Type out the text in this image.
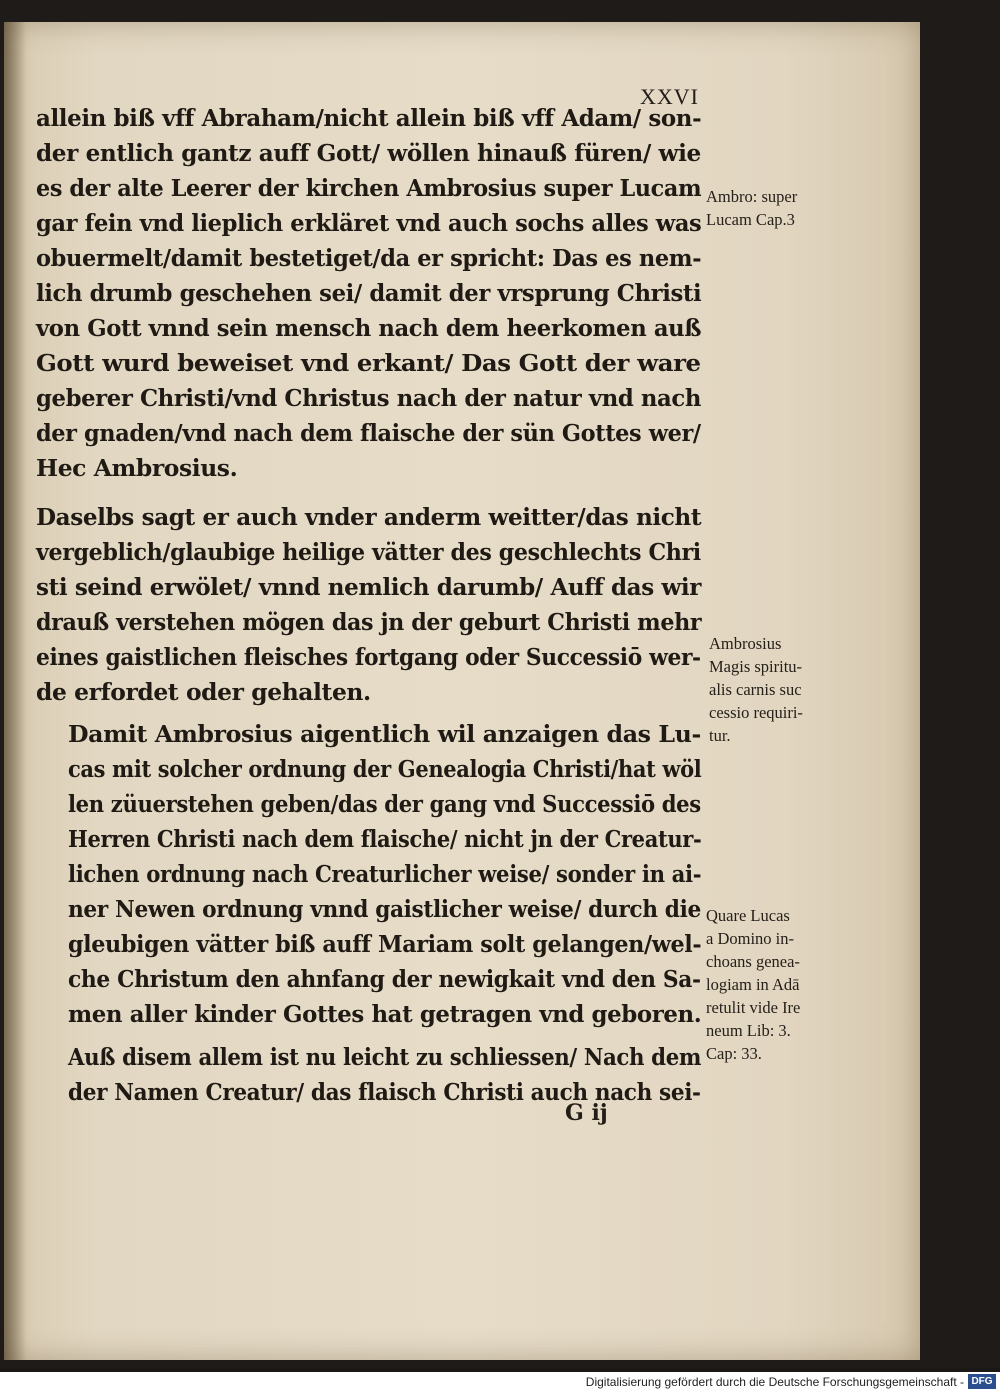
XXVI
allein biß vff Abraham/nicht allein biß vff Adam/ son-
der entlich gantz auff Gott/ wöllen hinauß füren/ wie
es der alte Leerer der kirchen Ambrosius super Lucam
gar fein vnd lieplich erkläret vnd auch sochs alles was
obuermelt/damit bestetiget/da er spricht: Das es nem-
lich drumb geschehen sei/ damit der vrsprung Christi
von Gott vnnd sein mensch nach dem heerkomen auß
Gott wurd beweiset vnd erkant/ Das Gott der ware
geberer Christi/vnd Christus nach der natur vnd nach
der gnaden/vnd nach dem flaische der sün Gottes wer/
Hec Ambrosius.
Daselbs sagt er auch vnder anderm weitter/das nicht
vergeblich/glaubige heilige vätter des geschlechts Chri
sti seind erwölet/ vnnd nemlich darumb/ Auff das wir
drauß verstehen mögen das jn der geburt Christi mehr
eines gaistlichen fleisches fortgang oder Successiō wer-
de erfordet oder gehalten.
Damit Ambrosius aigentlich wil anzaigen das Lu-
cas mit solcher ordnung der Genealogia Christi/hat wöl
len züuerstehen geben/das der gang vnd Successiō des
Herren Christi nach dem flaische/ nicht jn der Creatur-
lichen ordnung nach Creaturlicher weise/ sonder in ai-
ner Newen ordnung vnnd gaistlicher weise/ durch die
gleubigen vätter biß auff Mariam solt gelangen/wel-
che Christum den ahnfang der newigkait vnd den Sa-
men aller kinder Gottes hat getragen vnd geboren.
Auß disem allem ist nu leicht zu schliessen/ Nach dem
der Namen Creatur/ das flaisch Christi auch nach sei-
Ambro: super
Lucam Cap.3
Ambrosius
Magis spiritu-
alis carnis suc
cessio requiri-
tur.
Quare Lucas
a Domino in-
choans genea-
logiam in Adā
retulit vide Ire
neum Lib: 3.
Cap: 33.
G ij
Digitalisierung gefördert durch die Deutsche Forschungsgemeinschaft - DFG
